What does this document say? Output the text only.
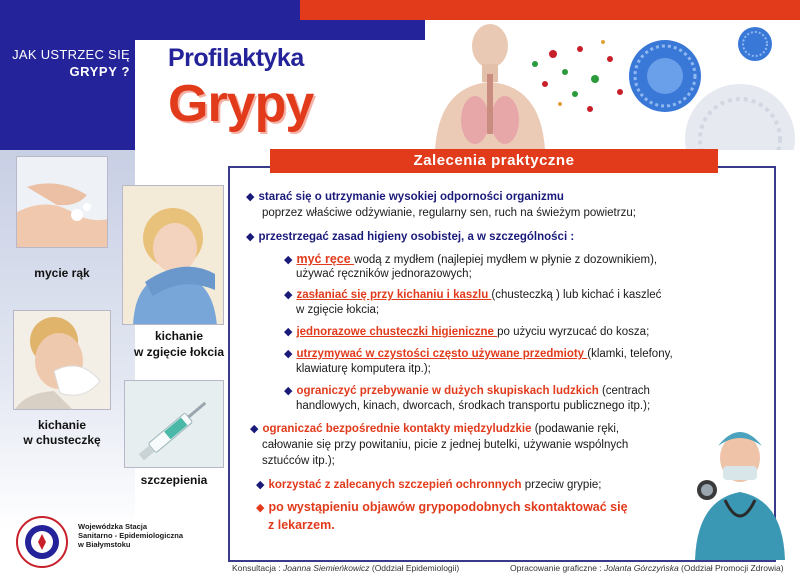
JAK USTRZEC SIĘ
GRYPY ? Profilaktyka
Grypy
Zalecenia praktyczne
mycie rąk
kichanie
w zgięcie łokcia
kichanie
w chusteczkę
szczepienia
◆ starać się o utrzymanie wysokiej odporności organizmu
poprzez właściwe odżywianie, regularny sen, ruch na świeżym powietrzu;
◆ przestrzegać zasad higieny osobistej, a w szczególności :
◆ myć ręce wodą z mydłem (najlepiej mydłem w płynie z dozownikiem),
używać ręczników jednorazowych;
◆ zasłaniać się przy kichaniu i kaszlu (chusteczką ) lub kichać i kaszleć
w zgięcie łokcia;
◆ jednorazowe chusteczki higieniczne po użyciu wyrzucać do kosza;
◆ utrzymywać w czystości często używane przedmioty (klamki, telefony,
klawiaturę komputera itp.);
◆ ograniczyć przebywanie w dużych skupiskach ludzkich (centrach
handlowych, kinach, dworcach, środkach transportu publicznego itp.);
◆ ograniczać bezpośrednie kontakty międzyludzkie (podawanie ręki,
całowanie się przy powitaniu, picie z jednej butelki, używanie wspólnych
sztućców itp.);
◆ korzystać z zalecanych szczepień ochronnych przeciw grypie;
◆ po wystąpieniu objawów grypopodobnych skontaktować się
z lekarzem.
Wojewódzka Stacja
Sanitarno - Epidemiologiczna
w Białymstoku
Konsultacja : Joanna Siemieńkowicz (Oddział Epidemiologii)	Opracowanie graficzne : Jolanta Górczyńska (Oddział Promocji Zdrowia)
